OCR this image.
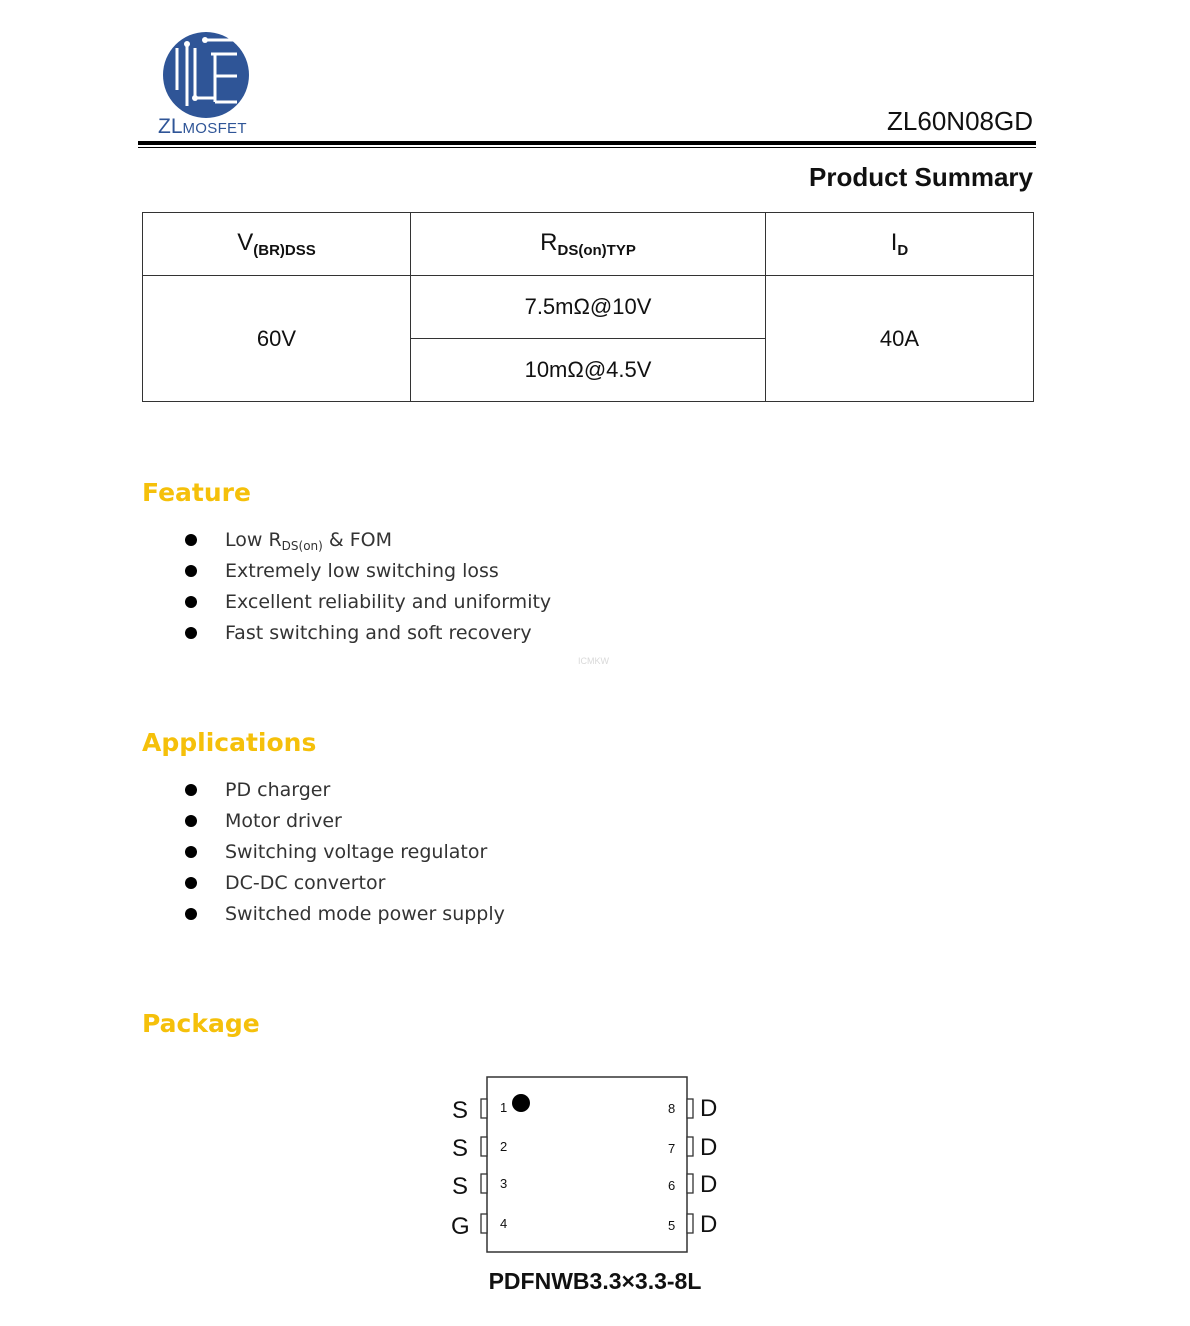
ZLMOSFET	ZL60N08GD
Product Summary
$V_{(BR)DSS}$	$R_{DS(on)TYP}$	$I_D$
60V	7.5mΩ@10V	40A
	10mΩ@4.5V	
Feature
Low $R_{DS(on)}$ & FOM
Extremely low switching loss
Excellent reliability and uniformity
Fast switching and soft recovery
ICMKW
Applications
PD charger
Motor driver
Switching voltage regulator
DC-DC convertor
Switched mode power supply
Package
S 1
S 2
S 3
G 4
D
8
D
7
D
6
D
5
PDFNWB3.3×3.3-8L
